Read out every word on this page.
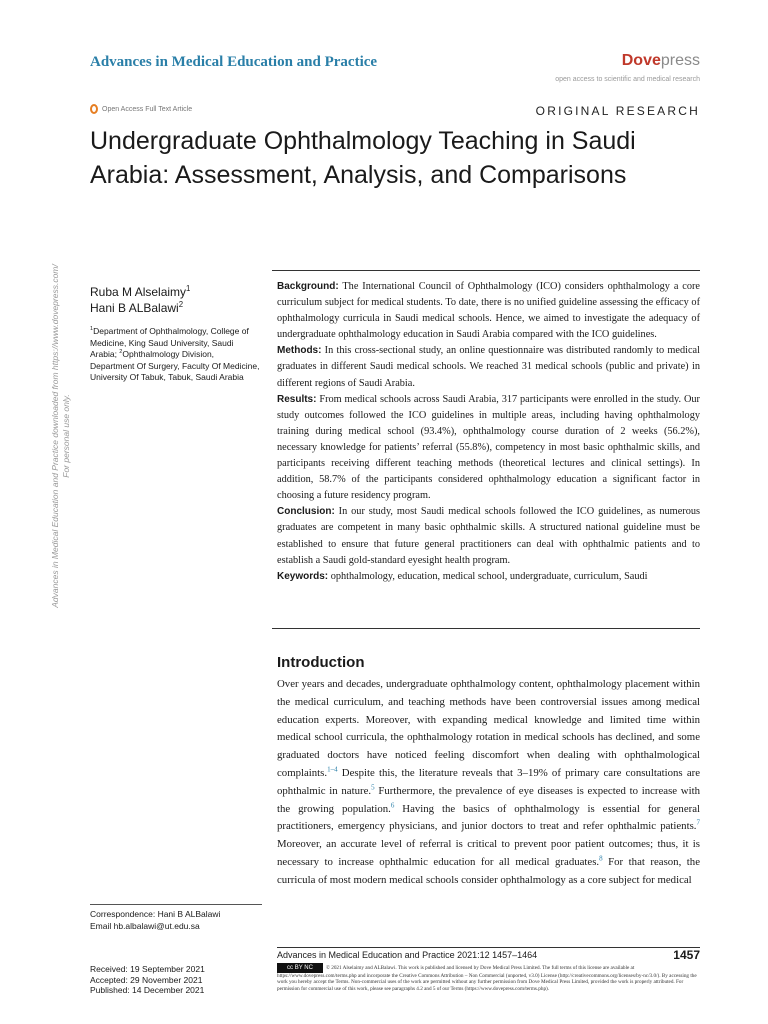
Advances in Medical Education and Practice	Dovepress
open access to scientific and medical research
Open Access Full Text Article	ORIGINAL RESEARCH
Undergraduate Ophthalmology Teaching in Saudi Arabia: Assessment, Analysis, and Comparisons
Advances in Medical Education and Practice downloaded from https://www.dovepress.com/ For personal use only.
Ruba M Alselaimy$^1$
Hani B ALBalawi$^2$
$^1$Department of Ophthalmology, College of Medicine, King Saud University, Saudi Arabia; $^2$Ophthalmology Division, Department Of Surgery, Faculty Of Medicine, University Of Tabuk, Tabuk, Saudi Arabia

Background: The International Council of Ophthalmology (ICO) considers ophthalmology a core curriculum subject for medical students. To date, there is no unified guideline assessing the efficacy of ophthalmology curricula in Saudi medical schools. Hence, we aimed to investigate the adequacy of undergraduate ophthalmology education in Saudi Arabia compared with the ICO guidelines.

Methods: In this cross-sectional study, an online questionnaire was distributed randomly to medical graduates in different Saudi medical schools. We reached 31 medical schools (public and private) in different regions of Saudi Arabia.

Results: From medical schools across Saudi Arabia, 317 participants were enrolled in the study. Our study outcomes followed the ICO guidelines in multiple areas, including having ophthalmology training during medical school (93.4%), ophthalmology course duration of 2 weeks (56.2%), necessary knowledge for patients’ referral (55.8%), competency in most basic ophthalmic skills, and participants receiving different teaching methods (theoretical lectures and clinical settings). In addition, 58.7% of the participants considered ophthalmology education a significant factor in choosing a future residency program.

Conclusion: In our study, most Saudi medical schools followed the ICO guidelines, as numerous graduates are competent in many basic ophthalmic skills. A structured national guideline must be established to ensure that future general practitioners can deal with ophthalmic patients and to establish a Saudi gold-standard eyesight health program.

Keywords: ophthalmology, education, medical school, undergraduate, curriculum, Saudi

Introduction

Over years and decades, undergraduate ophthalmology content, ophthalmology placement within the medical curriculum, and teaching methods have been controversial issues among medical education experts. Moreover, with expanding medical knowledge and limited time within medical school curricula, the ophthalmology rotation in medical schools has declined, and some graduated doctors have noticed feeling discomfort when dealing with ophthalmological complaints.$^{1-4}$ Despite this, the literature reveals that 3–19% of primary care consultations are ophthalmic in nature.$^5$ Furthermore, the prevalence of eye diseases is expected to increase with the growing population.$^6$ Having the basics of ophthalmology is essential for general practitioners, emergency physicians, and junior doctors to treat and refer ophthalmic patients.$^7$ Moreover, an accurate level of referral is critical to prevent poor patient outcomes; thus, it is necessary to increase ophthalmic education for all medical graduates.$^8$ For that reason, the curricula of most modern medical schools consider ophthalmology as a core subject for medical

Correspondence: Hani B ALBalawi
Email hb.albalawi@ut.edu.sa
Received: 19 September 2021
Accepted: 29 November 2021
Published: 14 December 2021
Advances in Medical Education and Practice 2021:12 1457–1464	1457
cc BY NC	© 2021 Alselaimy and ALBalawi. This work is published and licensed by Dove Medical Press Limited. The full terms of this license are available at https://www.dovepress.com/terms.php and incorporate the Creative Commons Attribution – Non Commercial (unported, v3.0) License (http://creativecommons.org/licenses/by-nc/3.0/). By accessing the work you hereby accept the Terms. Non-commercial uses of the work are permitted without any further permission from Dove Medical Press Limited, provided the work is properly attributed. For permission for commercial use of this work, please see paragraphs 4.2 and 5 of our Terms (https://www.dovepress.com/terms.php).
